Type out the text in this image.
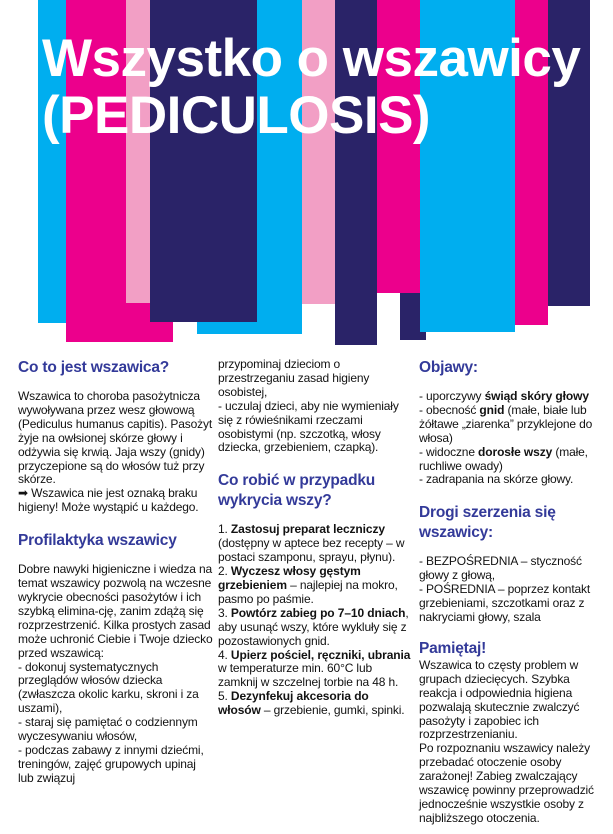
Wszystko o wszawicy
(PEDICULOSIS)
Co to jest wszawica?

Wszawica to choroba pasożytnicza wywoływana przez wesz głowową (Pediculus humanus capitis). Pasożyt żyje na owłsionej skórze głowy i odżywia się krwią. Jaja wszy (gnidy) przyczepione są do włosów tuż przy skórze.

➡ Wszawica nie jest oznaką braku higieny! Może wystąpić u każdego.

Profilaktyka wszawicy

Dobre nawyki higieniczne i wiedza na temat wszawicy pozwolą na wczesne wykrycie obecności pasożytów i ich szybką elimina-cję, zanim zdążą się rozprzestrzenić. Kilka prostych zasad może uchronić Ciebie i Twoje dziecko przed wszawicą:

- dokonuj systematycznych przeglądów włosów dziecka (zwłaszcza okolic karku, skroni i za uszami),

- staraj się pamiętać o codziennym wyczesywaniu włosów,

- podczas zabawy z innymi dziećmi, treningów, zajęć grupowych upinaj lub związuj

przypominaj dzieciom o przestrzeganiu zasad higieny osobistej,

- uczulaj dzieci, aby nie wymieniały się z rówieśnikami rzeczami osobistymi (np. szczotką, włosy dziecka, grzebieniem, czapką).

Co robić w przypadku wykrycia wszy?

1. Zastosuj preparat leczniczy (dostępny w aptece bez recepty – w postaci szamponu, sprayu, płynu).

2. Wyczesz włosy gęstym grzebieniem – najlepiej na mokro, pasmo po paśmie.

3. Powtórz zabieg po 7–10 dniach, aby usunąć wszy, które wykluły się z pozostawionych gnid.

4. Upierz pościel, ręczniki, ubrania w temperaturze min. 60°C lub zamknij w szczelnej torbie na 48 h.

5. Dezynfekuj akcesoria do włosów – grzebienie, gumki, spinki.

Objawy:

- uporczywy świąd skóry głowy

- obecność gnid (małe, białe lub żółtawe „ziarenka” przyklejone do włosa)

- widoczne dorosłe wszy (małe, ruchliwe owady)

- zadrapania na skórze głowy.

Drogi szerzenia się wszawicy:

- BEZPOŚREDNIA – styczność głowy z głową,

- POŚREDNIA – poprzez kontakt grzebieniami, szczotkami oraz z nakryciami głowy, szala

Pamiętaj!

Wszawica to częsty problem w grupach dziecięcych. Szybka reakcja i odpowiednia higiena pozwalają skutecznie zwalczyć pasożyty i zapobiec ich rozprzestrzenianiu.

Po rozpoznaniu wszawicy należy przebadać otoczenie osoby zarażonej! Zabieg zwalczający wszawicę powinny przeprowadzić jednocześnie wszystkie osoby z najbliższego otoczenia.
